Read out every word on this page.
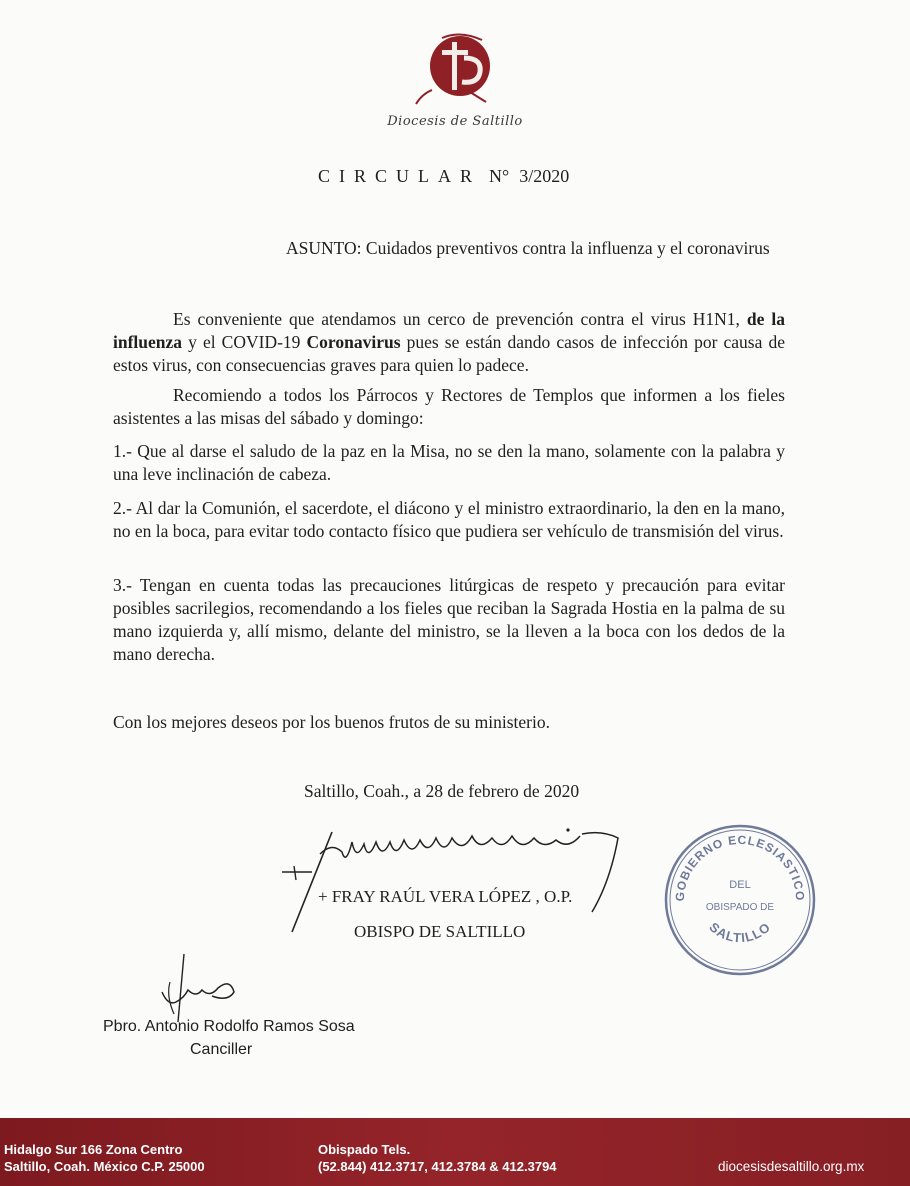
Diocesis de Saltillo
CIRCULAR N° 3/2020
ASUNTO: Cuidados preventivos contra la influenza y el coronavirus
Es conveniente que atendamos un cerco de prevención contra el virus H1N1, de la influenza y el COVID-19 Coronavirus pues se están dando casos de infección por causa de estos virus, con consecuencias graves para quien lo padece.
Recomiendo a todos los Párrocos y Rectores de Templos que informen a los fieles asistentes a las misas del sábado y domingo:
1.- Que al darse el saludo de la paz en la Misa, no se den la mano, solamente con la palabra y una leve inclinación de cabeza.
2.- Al dar la Comunión, el sacerdote, el diácono y el ministro extraordinario, la den en la mano, no en la boca, para evitar todo contacto físico que pudiera ser vehículo de transmisión del virus.
3.- Tengan en cuenta todas las precauciones litúrgicas de respeto y precaución para evitar posibles sacrilegios, recomendando a los fieles que reciban la Sagrada Hostia en la palma de su mano izquierda y, allí mismo, delante del ministro, se la lleven a la boca con los dedos de la mano derecha.
Con los mejores deseos por los buenos frutos de su ministerio.
Saltillo, Coah., a 28 de febrero de 2020
+ FRAY RAÚL VERA LÓPEZ , O.P.
OBISPO DE SALTILLO
GOBIERNO ECLESIASTICO
DEL
OBISPADO DE
SALTILLO
Pbro. Antonio Rodolfo Ramos Sosa
Canciller
Hidalgo Sur 166 Zona Centro
Saltillo, Coah. México C.P. 25000
Obispado Tels.
(52.844) 412.3717, 412.3784 & 412.3794	diocesisdesaltillo.org.mx
